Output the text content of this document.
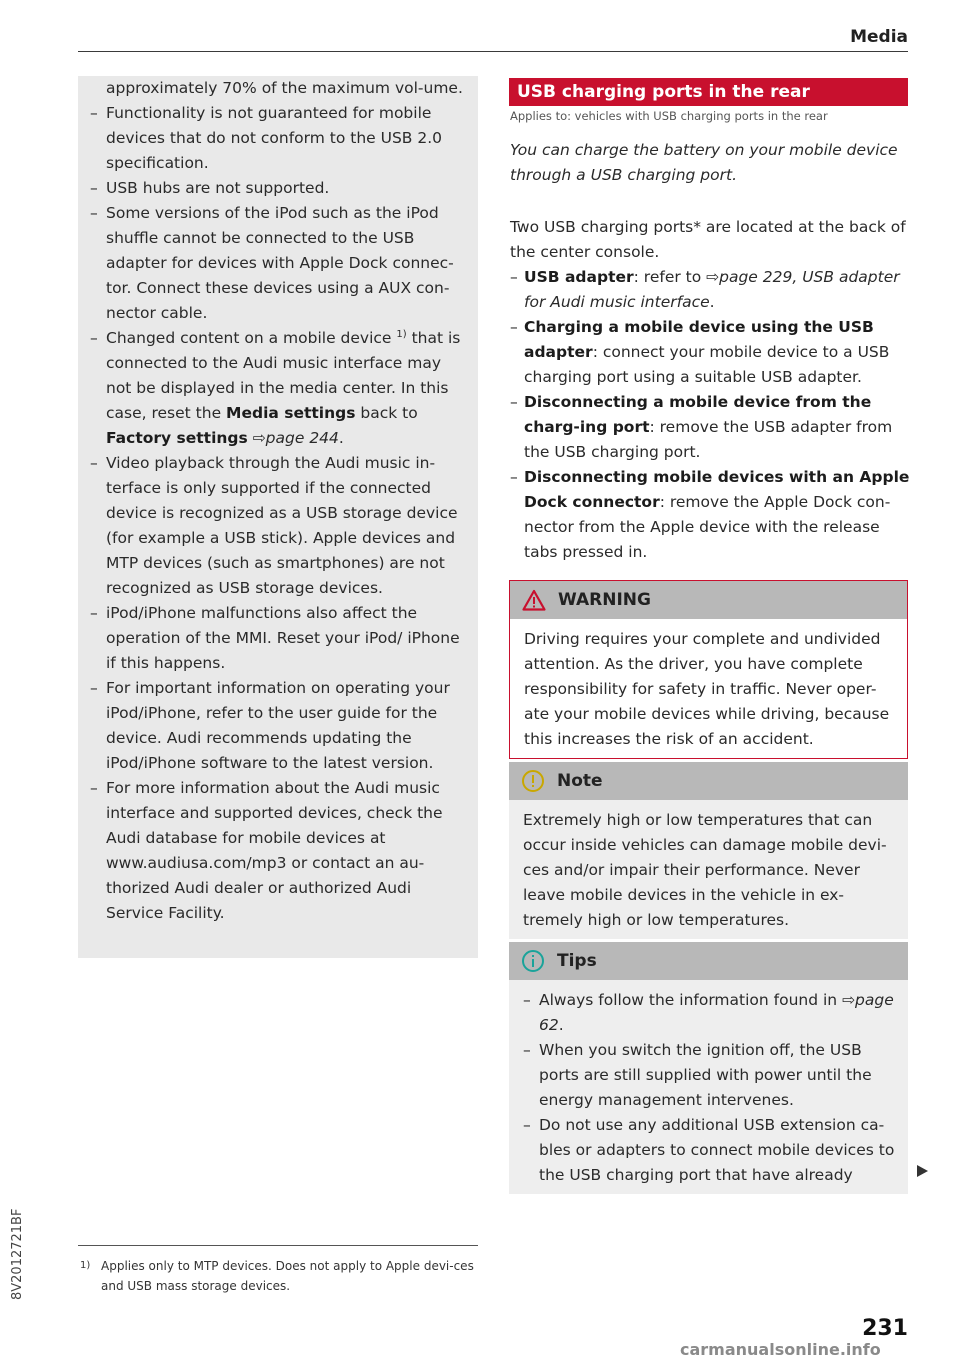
Media
approximately 70% of the maximum vol-ume.
– Functionality is not guaranteed for mobile devices that do not conform to the USB 2.0 specification.
– USB hubs are not supported.
– Some versions of the iPod such as the iPod shuffle cannot be connected to the USB adapter for devices with Apple Dock connec-tor. Connect these devices using a AUX con-nector cable.
– Changed content on a mobile device $^{1)}$ that is connected to the Audi music interface may not be displayed in the media center. In this case, reset the Media settings back to Factory settings ⇨page 244.
– Video playback through the Audi music in-terface is only supported if the connected device is recognized as a USB storage device (for example a USB stick). Apple devices and MTP devices (such as smartphones) are not recognized as USB storage devices.
– iPod/iPhone malfunctions also affect the operation of the MMI. Reset your iPod/ iPhone if this happens.
– For important information on operating your iPod/iPhone, refer to the user guide for the device. Audi recommends updating the iPod/iPhone software to the latest version.
– For more information about the Audi music interface and supported devices, check the Audi database for mobile devices at www.audiusa.com/mp3 or contact an au-thorized Audi dealer or authorized Audi Service Facility.
1) Applies only to MTP devices. Does not apply to Apple devi-ces and USB mass storage devices.
8V2012721BF
USB charging ports in the rear
Applies to: vehicles with USB charging ports in the rear
You can charge the battery on your mobile device through a USB charging port.
Two USB charging ports* are located at the back of the center console.
– USB adapter: refer to ⇨page 229, USB adapter for Audi music interface.
– Charging a mobile device using the USB adapter: connect your mobile device to a USB charging port using a suitable USB adapter.
– Disconnecting a mobile device from the charg-ing port: remove the USB adapter from the USB charging port.
– Disconnecting mobile devices with an Apple Dock connector: remove the Apple Dock con-nector from the Apple device with the release tabs pressed in.
WARNING
Driving requires your complete and undivided attention. As the driver, you have complete responsibility for safety in traffic. Never oper-ate your mobile devices while driving, because this increases the risk of an accident.
Note
Extremely high or low temperatures that can occur inside vehicles can damage mobile devi-ces and/or impair their performance. Never leave mobile devices in the vehicle in ex-tremely high or low temperatures.
Tips
– Always follow the information found in ⇨page 62.
– When you switch the ignition off, the USB ports are still supplied with power until the energy management intervenes.
– Do not use any additional USB extension ca-bles or adapters to connect mobile devices to the USB charging port that have already
231
carmanualsonline.info
